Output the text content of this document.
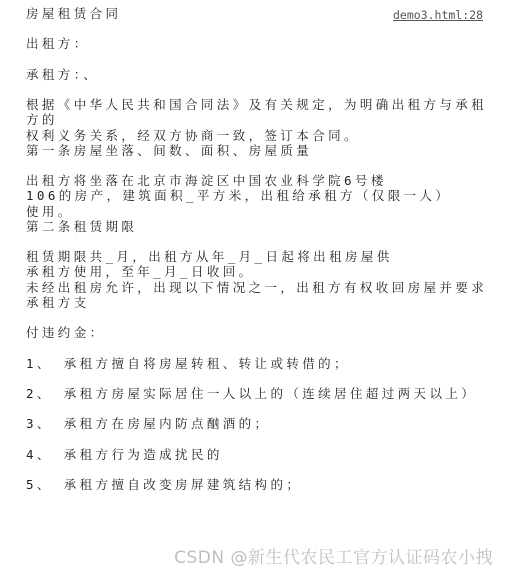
demo3.html:28
房屋租赁合同

出租方：

承租方：、

根据《中华人民共和国合同法》及有关规定，为明确出租方与承租方的
权利义务关系，经双方协商一致，签订本合同。
第一条房屋坐落、间数、面积、房屋质量

出租方将坐落在北京市海淀区中国农业科学院6号楼
106的房产，建筑面积_平方米，出租给承租方（仅限一人）
使用。
第二条租赁期限

租赁期限共_月，出租方从年_月_日起将出租房屋供
承租方使用，至年_月_日收回。
未经出租房允许，出现以下情况之一，出租方有权收回房屋并要求承租方支

付违约金：

1、 承租方擅自将房屋转租、转让或转借的；

2、 承租方房屋实际居住一人以上的（连续居住超过两天以上）

3、 承租方在房屋内防点酗酒的；

4、 承租方行为造成扰民的

5、 承租方擅自改变房屏建筑结构的；
CSDN @新生代农民工官方认证码农小拽
